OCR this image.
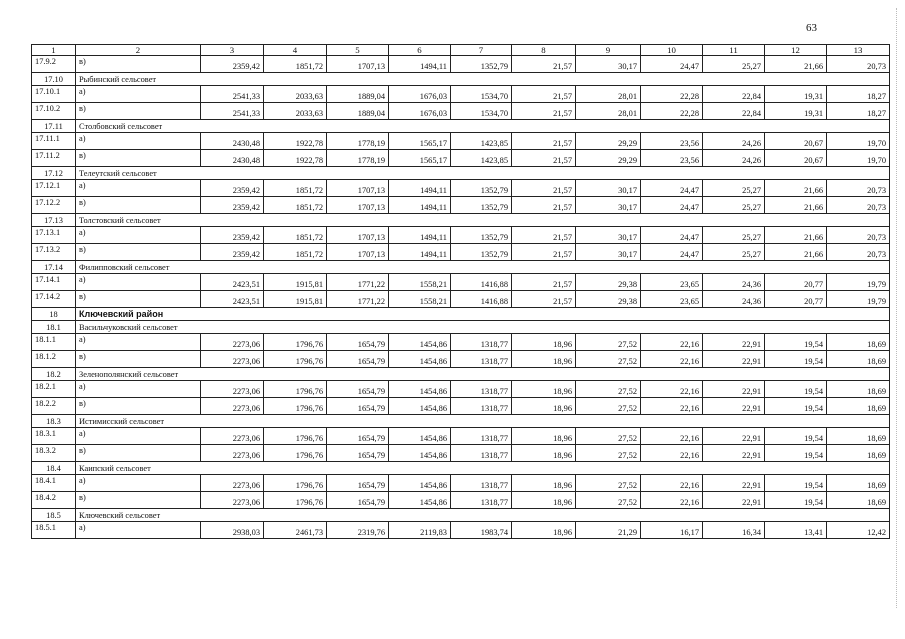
63
1	2	3	4	5	6	7	8	9	10	11	12	13
17.9.2	в)	2359,42	1851,72	1707,13	1494,11	1352,79	21,57	30,17	24,47	25,27	21,66	20,73
17.10	Рыбинский сельсовет											
17.10.1	а)	2541,33	2033,63	1889,04	1676,03	1534,70	21,57	28,01	22,28	22,84	19,31	18,27
17.10.2	в)	2541,33	2033,63	1889,04	1676,03	1534,70	21,57	28,01	22,28	22,84	19,31	18,27
17.11	Столбовский сельсовет											
17.11.1	а)	2430,48	1922,78	1778,19	1565,17	1423,85	21,57	29,29	23,56	24,26	20,67	19,70
17.11.2	в)	2430,48	1922,78	1778,19	1565,17	1423,85	21,57	29,29	23,56	24,26	20,67	19,70
17.12	Телеутский сельсовет											
17.12.1	а)	2359,42	1851,72	1707,13	1494,11	1352,79	21,57	30,17	24,47	25,27	21,66	20,73
17.12.2	в)	2359,42	1851,72	1707,13	1494,11	1352,79	21,57	30,17	24,47	25,27	21,66	20,73
17.13	Толстовский сельсовет											
17.13.1	а)	2359,42	1851,72	1707,13	1494,11	1352,79	21,57	30,17	24,47	25,27	21,66	20,73
17.13.2	в)	2359,42	1851,72	1707,13	1494,11	1352,79	21,57	30,17	24,47	25,27	21,66	20,73
17.14	Филипповский сельсовет											
17.14.1	а)	2423,51	1915,81	1771,22	1558,21	1416,88	21,57	29,38	23,65	24,36	20,77	19,79
17.14.2	в)	2423,51	1915,81	1771,22	1558,21	1416,88	21,57	29,38	23,65	24,36	20,77	19,79
18	Ключевский район											
18.1	Васильчуковский сельсовет											
18.1.1	а)	2273,06	1796,76	1654,79	1454,86	1318,77	18,96	27,52	22,16	22,91	19,54	18,69
18.1.2	в)	2273,06	1796,76	1654,79	1454,86	1318,77	18,96	27,52	22,16	22,91	19,54	18,69
18.2	Зеленополянский сельсовет											
18.2.1	а)	2273,06	1796,76	1654,79	1454,86	1318,77	18,96	27,52	22,16	22,91	19,54	18,69
18.2.2	в)	2273,06	1796,76	1654,79	1454,86	1318,77	18,96	27,52	22,16	22,91	19,54	18,69
18.3	Истимисский сельсовет											
18.3.1	а)	2273,06	1796,76	1654,79	1454,86	1318,77	18,96	27,52	22,16	22,91	19,54	18,69
18.3.2	в)	2273,06	1796,76	1654,79	1454,86	1318,77	18,96	27,52	22,16	22,91	19,54	18,69
18.4	Каипский сельсовет											
18.4.1	а)	2273,06	1796,76	1654,79	1454,86	1318,77	18,96	27,52	22,16	22,91	19,54	18,69
18.4.2	в)	2273,06	1796,76	1654,79	1454,86	1318,77	18,96	27,52	22,16	22,91	19,54	18,69
18.5	Ключевский сельсовет											
18.5.1	а)	2938,03	2461,73	2319,76	2119,83	1983,74	18,96	21,29	16,17	16,34	13,41	12,42
